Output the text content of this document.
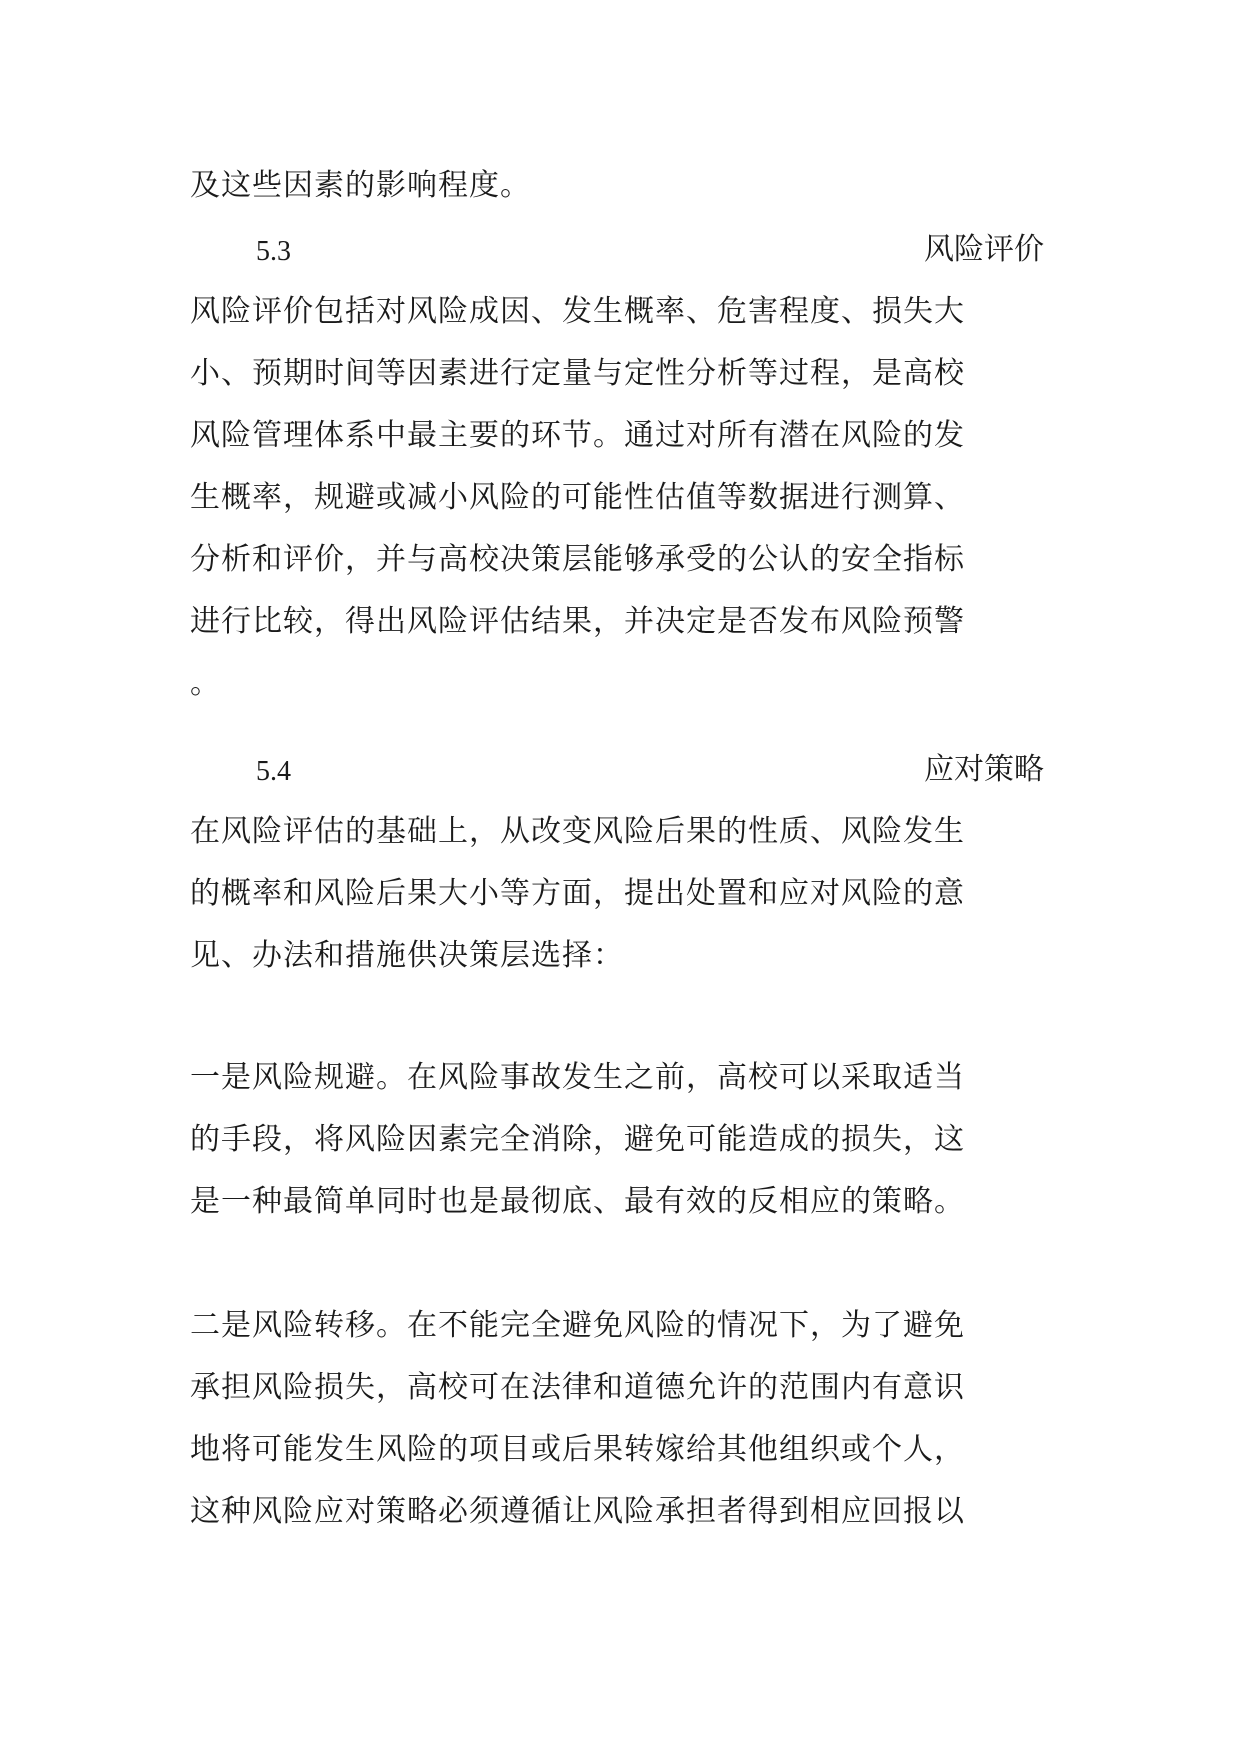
及这些因素的影响程度。
5.3	风险评价
风险评价包括对风险成因、发生概率、危害程度、损失大
小、预期时间等因素进行定量与定性分析等过程，是高校
风险管理体系中最主要的环节。通过对所有潜在风险的发
生概率，规避或减小风险的可能性估值等数据进行测算、
分析和评价，并与高校决策层能够承受的公认的安全指标
进行比较，得出风险评估结果，并决定是否发布风险预警
。
5.4	应对策略
在风险评估的基础上，从改变风险后果的性质、风险发生
的概率和风险后果大小等方面，提出处置和应对风险的意
见、办法和措施供决策层选择：
一是风险规避。在风险事故发生之前，高校可以采取适当
的手段，将风险因素完全消除，避免可能造成的损失，这
是一种最简单同时也是最彻底、最有效的反相应的策略。
二是风险转移。在不能完全避免风险的情况下，为了避免
承担风险损失，高校可在法律和道德允许的范围内有意识
地将可能发生风险的项目或后果转嫁给其他组织或个人，
这种风险应对策略必须遵循让风险承担者得到相应回报以
